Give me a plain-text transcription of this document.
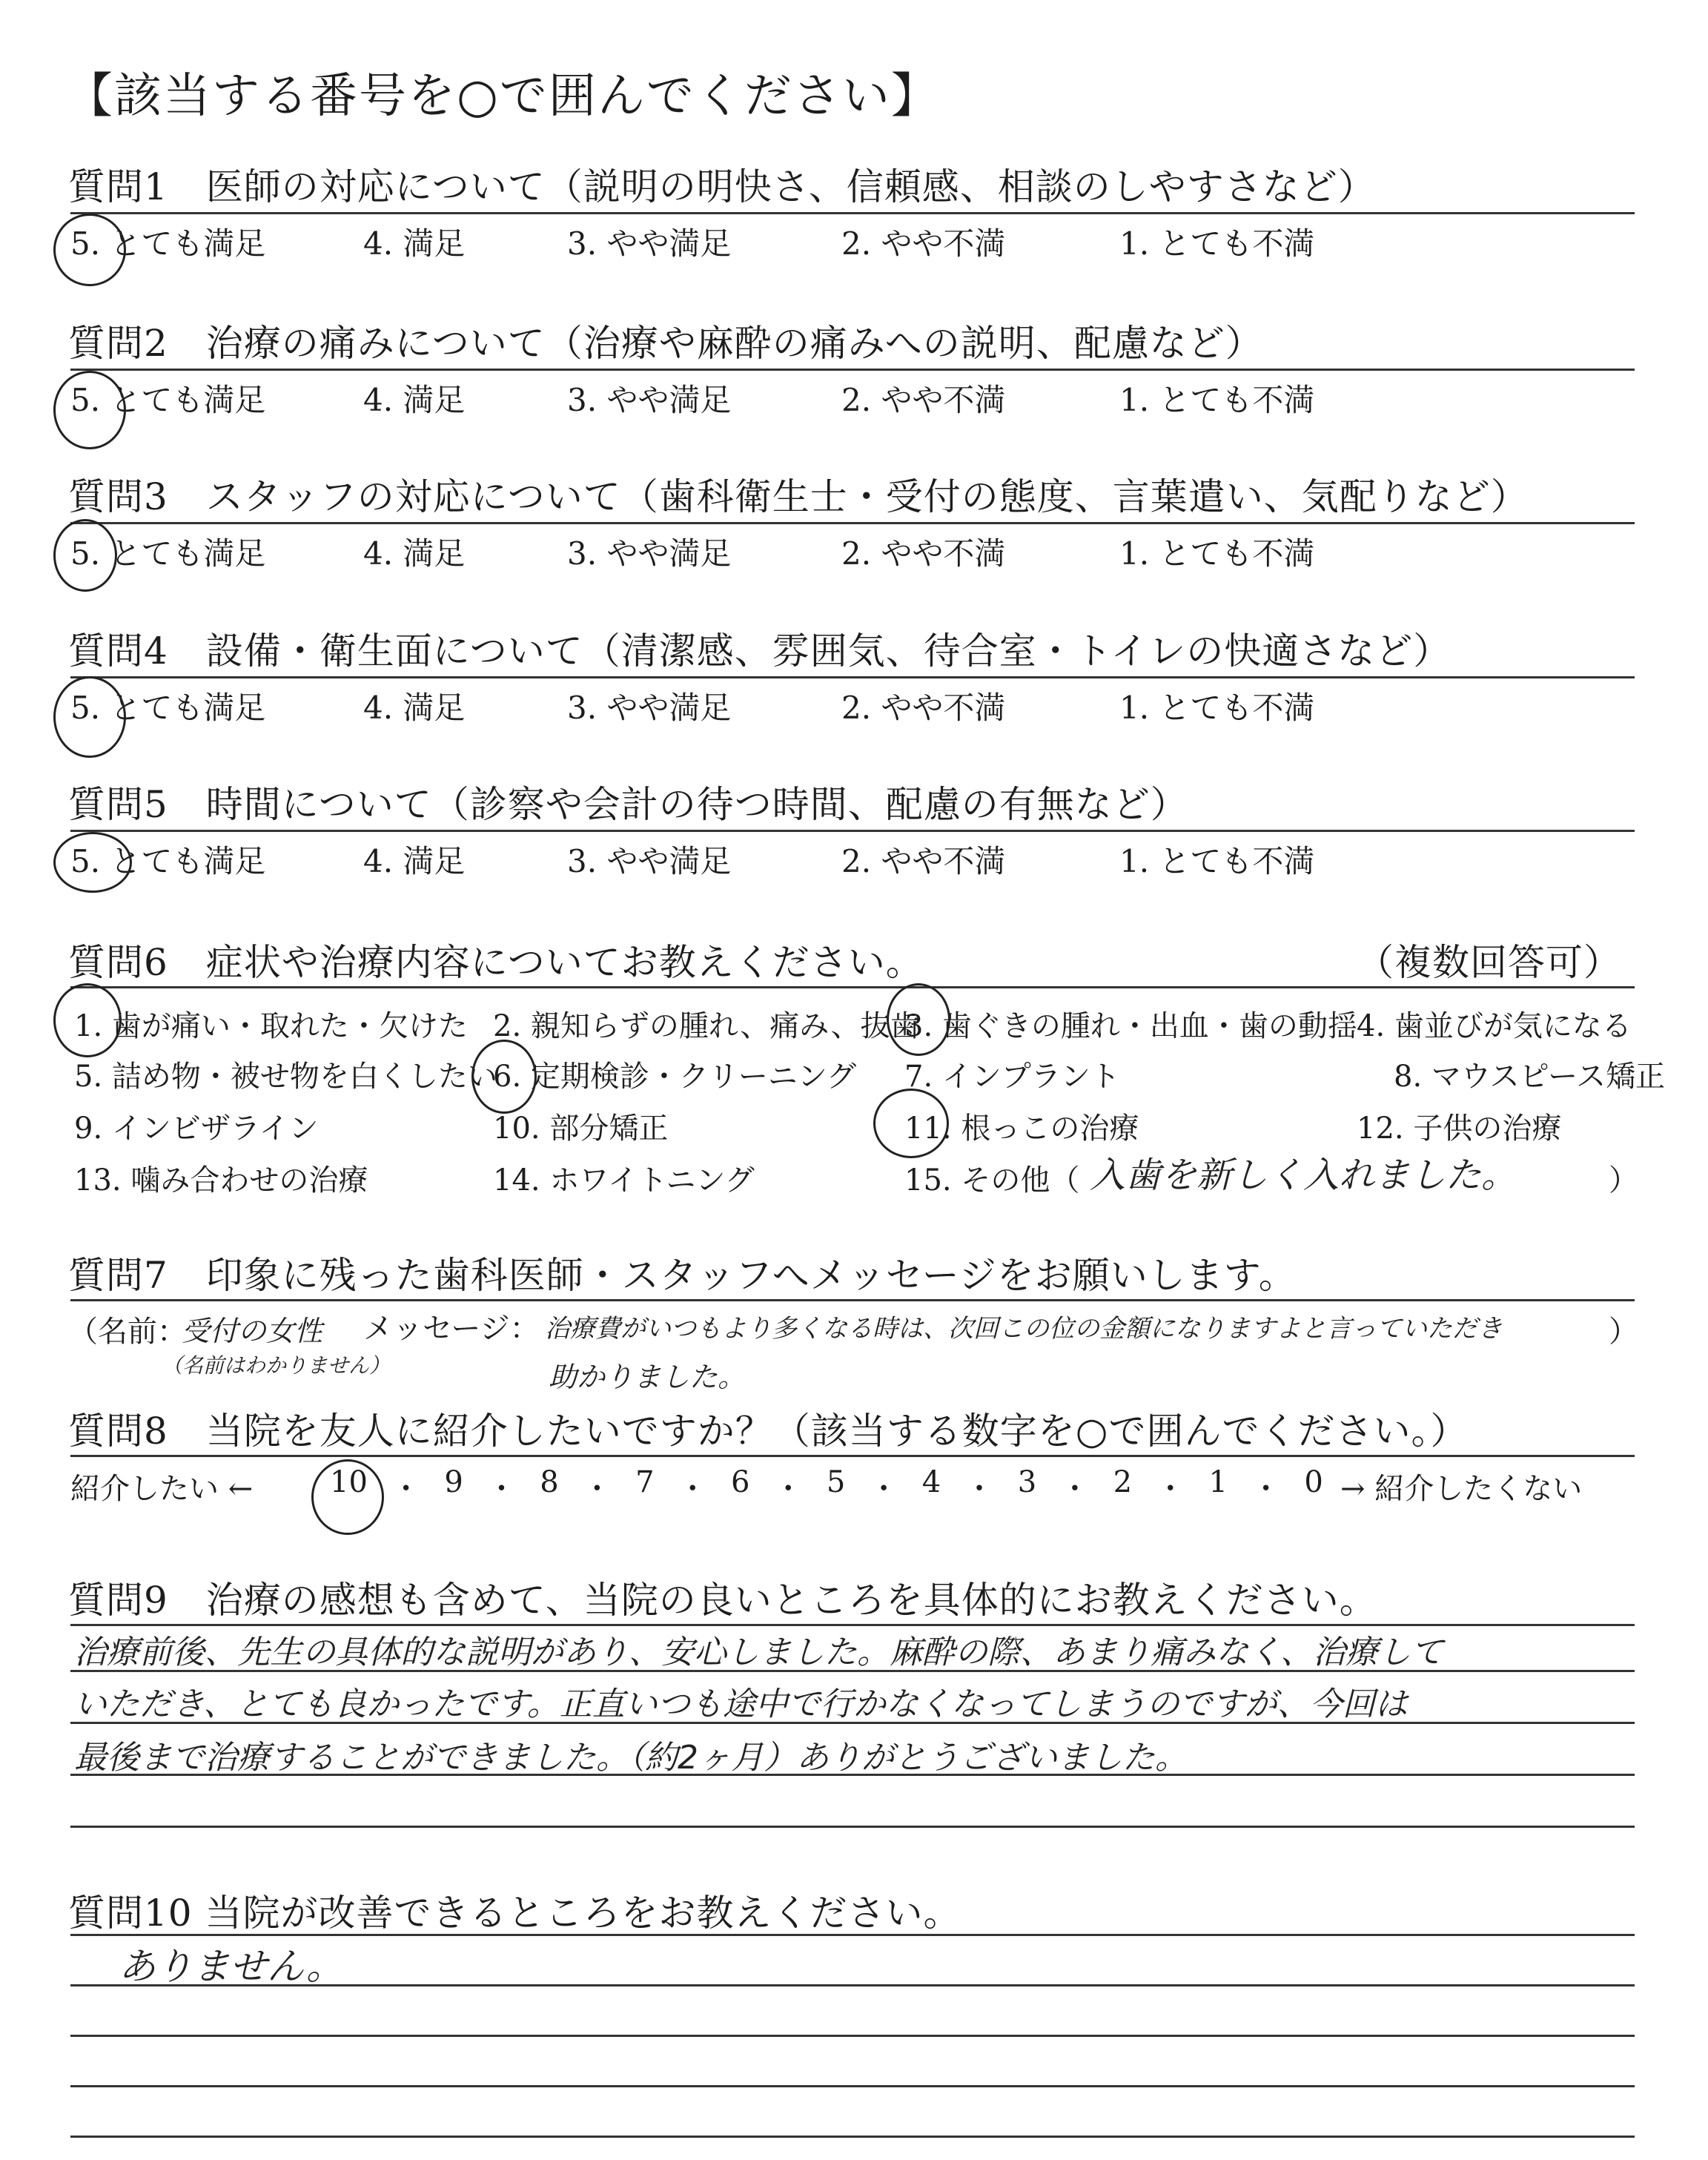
【該当する番号を○で囲んでください】
質問1　医師の対応について（説明の明快さ、信頼感、相談のしやすさなど）
5. とても満足	4. 満足	3. やや満足	2. やや不満	1. とても不満
質問2　治療の痛みについて（治療や麻酔の痛みへの説明、配慮など）
5. とても満足	4. 満足	3. やや満足	2. やや不満	1. とても不満
質問3　スタッフの対応について（歯科衛生士・受付の態度、言葉遣い、気配りなど）
5. とても満足	4. 満足	3. やや満足	2. やや不満	1. とても不満
質問4　設備・衛生面について（清潔感、雰囲気、待合室・トイレの快適さなど）
5. とても満足	4. 満足	3. やや満足	2. やや不満	1. とても不満
質問5　時間について（診察や会計の待つ時間、配慮の有無など）
5. とても満足	4. 満足	3. やや満足	2. やや不満	1. とても不満
質問6　症状や治療内容についてお教えください。	（複数回答可）
1. 歯が痛い・取れた・欠けた 2. 親知らずの腫れ、痛み、抜歯
3. 歯ぐきの腫れ・出血・歯の動揺 4. 歯並びが気になる
5. 詰め物・被せ物を白くしたい
6. 定期検診・クリーニング 7. インプラント	8. マウスピース矯正
9. インビザライン	10. 部分矯正	11. 根っこの治療	12. 子供の治療
13. 噛み合わせの治療	14. ホワイトニング	15. その他（	）
入歯を新しく入れました。
質問7　印象に残った歯科医師・スタッフへメッセージをお願いします。
（名前：
受付の女性
（名前はわかりません）
メッセージ： 治療費がいつもより多くなる時は、次回この位の金額になりますよと言っていただき
助かりました。
）
質問8　当院を友人に紹介したいですか？（該当する数字を○で囲んでください。）
紹介したい ←	→ 紹介したくない
10 ・ 9 ・ 8 ・ 7 ・ 6 ・ 5 ・ 4 ・ 3 ・ 2 ・ 1 ・ 0
質問9　治療の感想も含めて、当院の良いところを具体的にお教えください。
治療前後、先生の具体的な説明があり、安心しました。麻酔の際、あまり痛みなく、治療して
いただき、とても良かったです。正直いつも途中で行かなくなってしまうのですが、今回は
最後まで治療することができました。（約2ヶ月）ありがとうございました。
質問10 当院が改善できるところをお教えください。
ありません。
